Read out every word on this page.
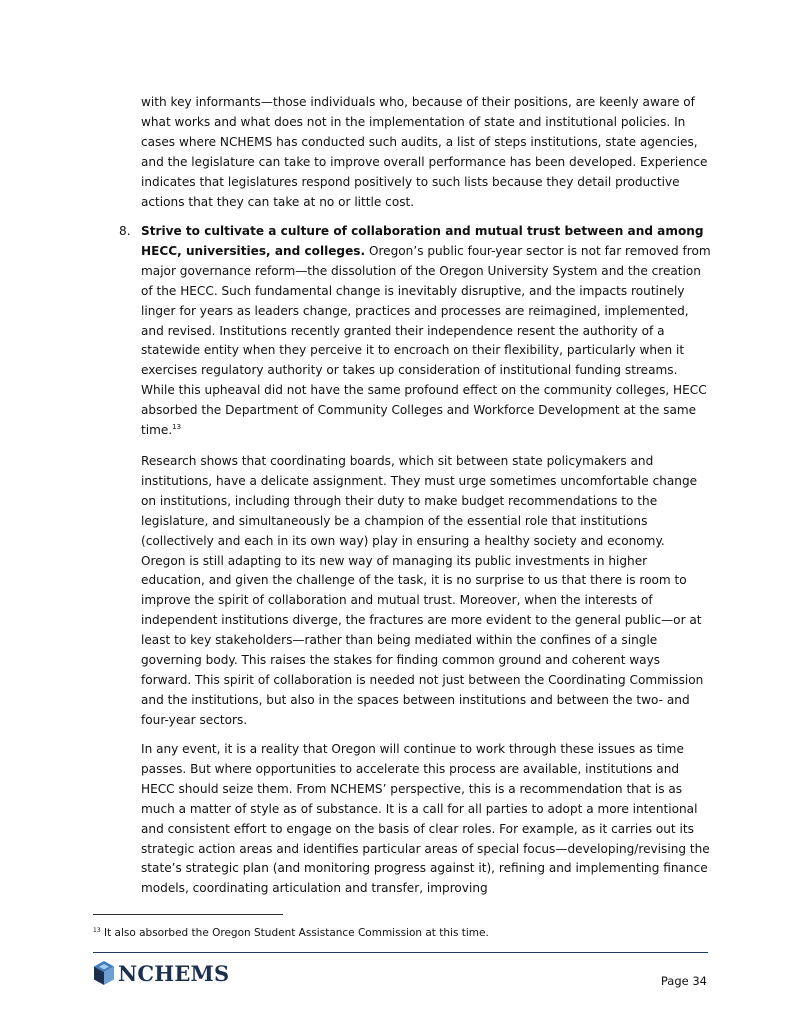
with key informants—those individuals who, because of their positions, are keenly aware of what works and what does not in the implementation of state and institutional policies. In cases where NCHEMS has conducted such audits, a list of steps institutions, state agencies, and the legislature can take to improve overall performance has been developed. Experience indicates that legislatures respond positively to such lists because they detail productive actions that they can take at no or little cost.

8. Strive to cultivate a culture of collaboration and mutual trust between and among HECC, universities, and colleges. Oregon’s public four-year sector is not far removed from major governance reform—the dissolution of the Oregon University System and the creation of the HECC. Such fundamental change is inevitably disruptive, and the impacts routinely linger for years as leaders change, practices and processes are reimagined, implemented, and revised. Institutions recently granted their independence resent the authority of a statewide entity when they perceive it to encroach on their flexibility, particularly when it exercises regulatory authority or takes up consideration of institutional funding streams. While this upheaval did not have the same profound effect on the community colleges, HECC absorbed the Department of Community Colleges and Workforce Development at the same time.$^{13}$

Research shows that coordinating boards, which sit between state policymakers and institutions, have a delicate assignment. They must urge sometimes uncomfortable change on institutions, including through their duty to make budget recommendations to the legislature, and simultaneously be a champion of the essential role that institutions (collectively and each in its own way) play in ensuring a healthy society and economy. Oregon is still adapting to its new way of managing its public investments in higher education, and given the challenge of the task, it is no surprise to us that there is room to improve the spirit of collaboration and mutual trust. Moreover, when the interests of independent institutions diverge, the fractures are more evident to the general public—or at least to key stakeholders—rather than being mediated within the confines of a single governing body. This raises the stakes for finding common ground and coherent ways forward. This spirit of collaboration is needed not just between the Coordinating Commission and the institutions, but also in the spaces between institutions and between the two- and four-year sectors.

In any event, it is a reality that Oregon will continue to work through these issues as time passes. But where opportunities to accelerate this process are available, institutions and HECC should seize them. From NCHEMS’ perspective, this is a recommendation that is as much a matter of style as of substance. It is a call for all parties to adopt a more intentional and consistent effort to engage on the basis of clear roles. For example, as it carries out its strategic action areas and identifies particular areas of special focus—developing/revising the state’s strategic plan (and monitoring progress against it), refining and implementing finance models, coordinating articulation and transfer, improving

$^{13}$ It also absorbed the Oregon Student Assistance Commission at this time.
NCHEMS	Page 34
